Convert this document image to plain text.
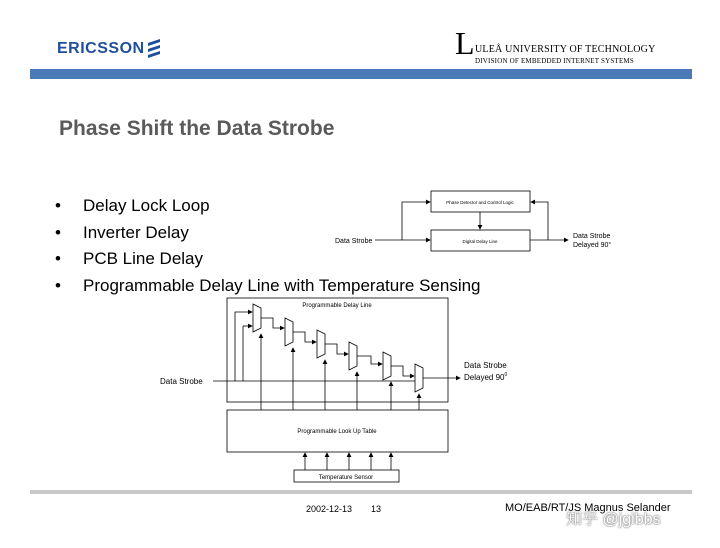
ERICSSON	L ULEÅ UNIVERSITY OF TECHNOLOGY
DIVISION OF EMBEDDED INTERNET SYSTEMS
Phase Shift the Data Strobe
• Delay Lock Loop
• Inverter Delay
• PCB Line Delay
• Programmable Delay Line with Temperature Sensing
Phase Detector and Control Logic
Digital Delay Line
Data Strobe
Data Strobe
Delayed 90°
Programmable Delay Line
Programmable Look Up Table
Temperature Sensor
Data Strobe
Data Strobe
Delayed $90^0$
2002-12-13 13	MO/EAB/RT/JS Magnus Selander
知乎 @jgibbs
